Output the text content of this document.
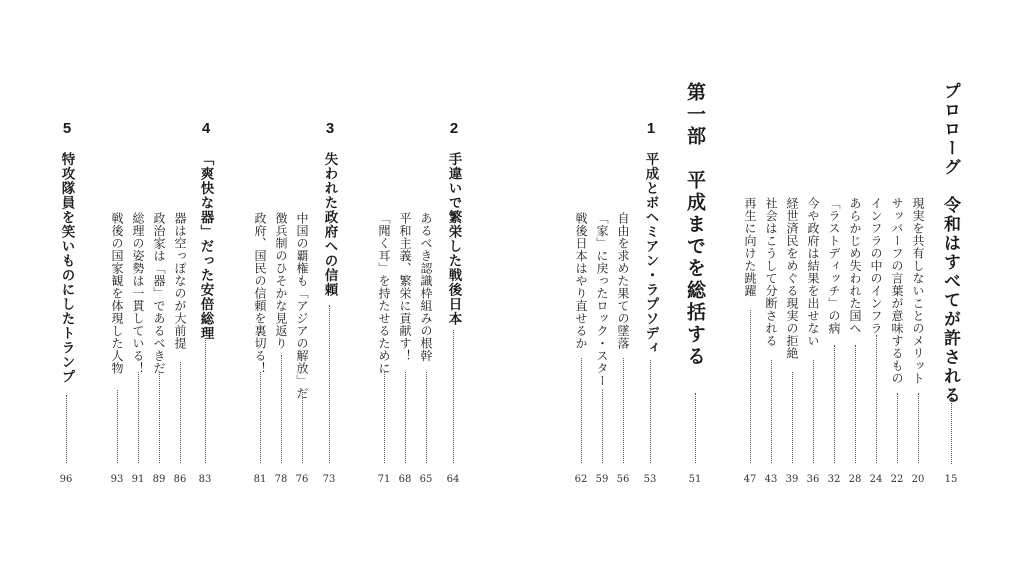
プロローグ　令和はすべてが許される
15
現実を共有しないことのメリット
20
サッバーフの言葉が意味するもの
22
インフラの中のインフラ
24
あらかじめ失われた国へ
28
「ラストディッチ」の病
32
今や政府は結果を出せない
36
経世済民をめぐる現実の拒絶
39
社会はこうして分断される
43
再生に向けた跳躍
47
第一部　平成までを総括する
51
1
平成とボヘミアン・ラプソディ
53
自由を求めた果ての墜落
56
「家」に戻ったロック・スター
59
戦後日本はやり直せるか
62
2
手違いで繁栄した戦後日本
64
あるべき認識枠組みの根幹
65
平和主義、繁栄に貢献す！
68
「聞く耳」を持たせるために
71
3
失われた政府への信頼
73
中国の覇権も「アジアの解放」だ
76
徴兵制のひそかな見返り
78
政府、国民の信頼を裏切る！
81
4
「爽快な器」だった安倍総理
83
器は空っぽなのが大前提
86
政治家は「器」であるべきだ
89
総理の姿勢は一貫している！
91
戦後の国家観を体現した人物
93
5
特攻隊員を笑いものにしたトランプ
96
